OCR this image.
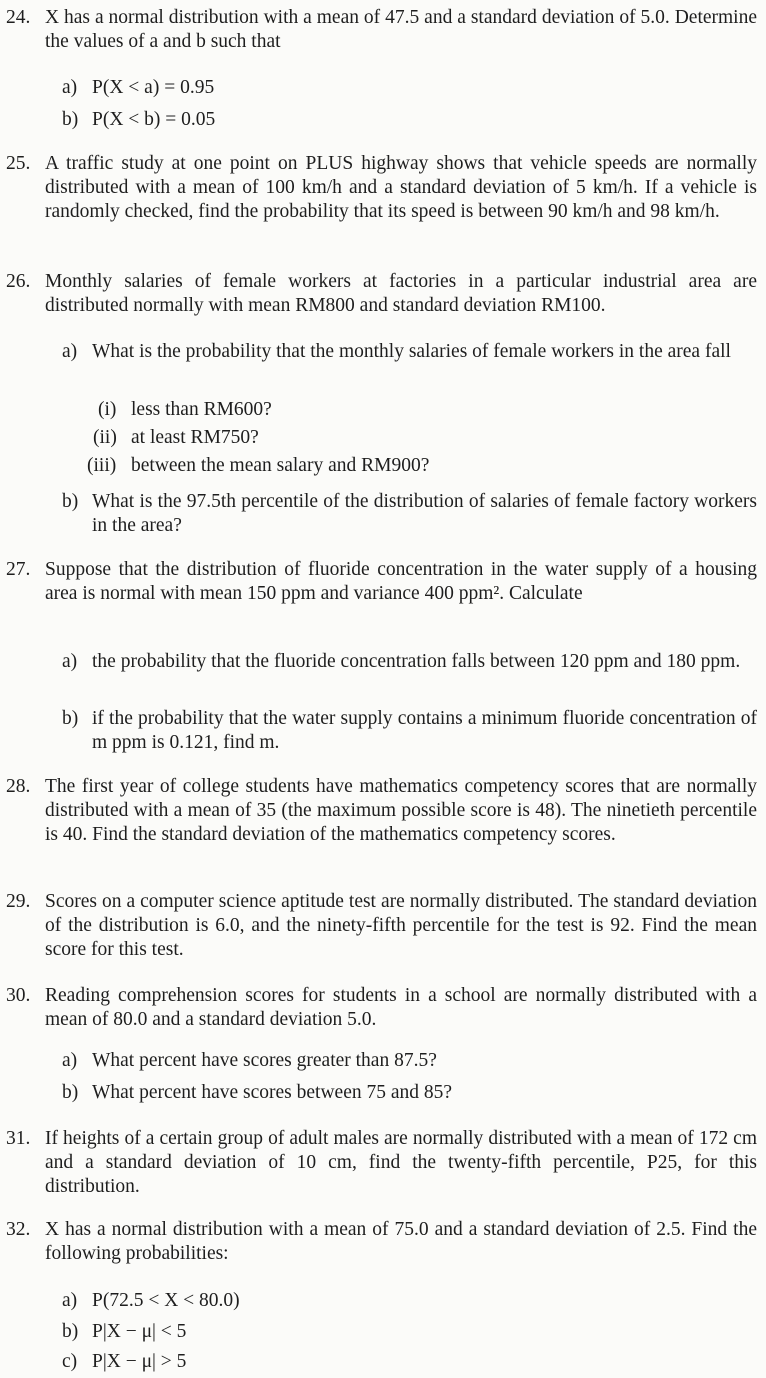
24. X has a normal distribution with a mean of 47.5 and a standard deviation of 5.0. Determine the values of a and b such that
a) P(X < a) = 0.95
b) P(X < b) = 0.05
25. A traffic study at one point on PLUS highway shows that vehicle speeds are normally distributed with a mean of 100 km/h and a standard deviation of 5 km/h. If a vehicle is randomly checked, find the probability that its speed is between 90 km/h and 98 km/h.
26. Monthly salaries of female workers at factories in a particular industrial area are distributed normally with mean RM800 and standard deviation RM100.
a) What is the probability that the monthly salaries of female workers in the area fall
(i) less than RM600?
(ii) at least RM750?
(iii) between the mean salary and RM900?
b) What is the 97.5th percentile of the distribution of salaries of female factory workers in the area?
27. Suppose that the distribution of fluoride concentration in the water supply of a housing area is normal with mean 150 ppm and variance 400 ppm². Calculate
a) the probability that the fluoride concentration falls between 120 ppm and 180 ppm.
b) if the probability that the water supply contains a minimum fluoride concentration of m ppm is 0.121, find m.
28. The first year of college students have mathematics competency scores that are normally distributed with a mean of 35 (the maximum possible score is 48). The ninetieth percentile is 40. Find the standard deviation of the mathematics competency scores.
29. Scores on a computer science aptitude test are normally distributed. The standard deviation of the distribution is 6.0, and the ninety-fifth percentile for the test is 92. Find the mean score for this test.
30. Reading comprehension scores for students in a school are normally distributed with a mean of 80.0 and a standard deviation 5.0.
a) What percent have scores greater than 87.5?
b) What percent have scores between 75 and 85?
31. If heights of a certain group of adult males are normally distributed with a mean of 172 cm and a standard deviation of 10 cm, find the twenty-fifth percentile, P25, for this distribution.
32. X has a normal distribution with a mean of 75.0 and a standard deviation of 2.5. Find the following probabilities:
a) P(72.5 < X < 80.0)
b) P|X − μ| < 5
c) P|X − μ| > 5
